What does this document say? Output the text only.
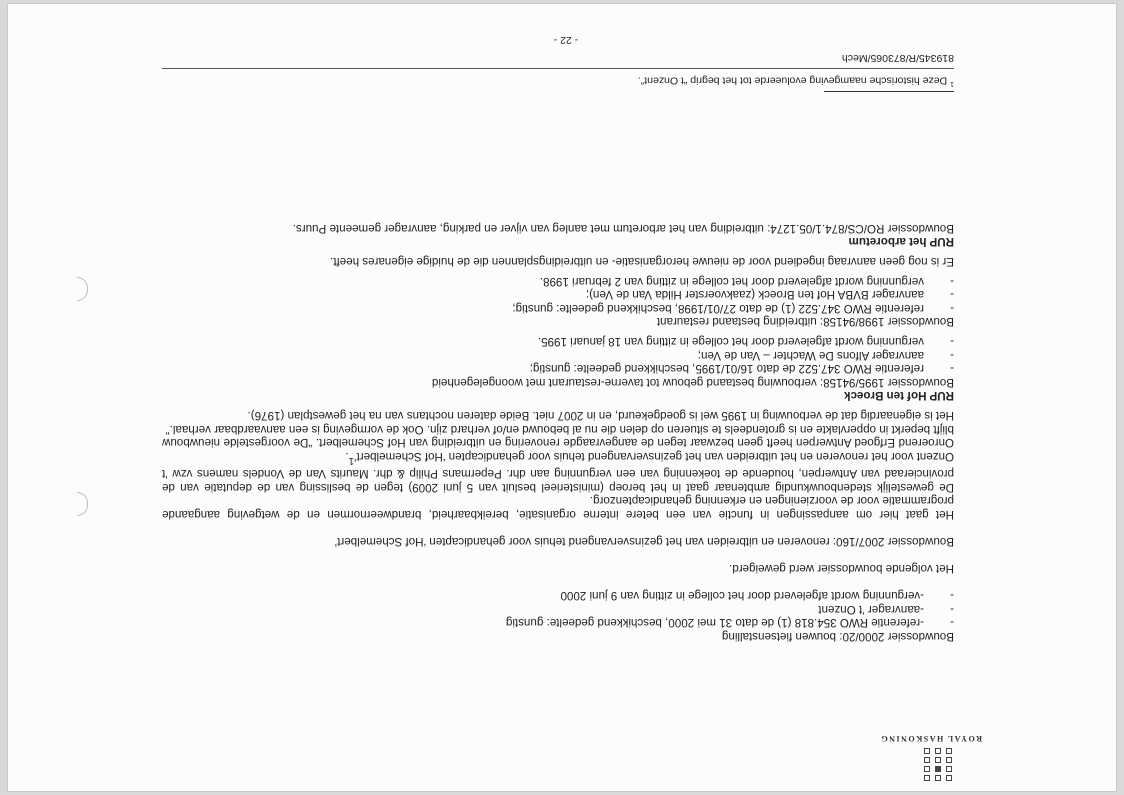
ROYAL HASKONING

Bouwdossier 2000/20: bouwen fietsenstalling

-
-referentie RWO 354.818 (1) de dato 31 mei 2000, beschikkend gedeelte: gunstig

-
-aanvrager ’t Onzent

-
-vergunning wordt afgeleverd door het college in zitting van 9 juni 2000

Het volgende bouwdossier werd geweigerd.

Bouwdossier 2007/160: renoveren en uitbreiden van het gezinsvervangend tehuis voor gehandicapten ‘Hof Schemelbert’

Het gaat hier om aanpassingen in functie van een betere interne organisatie, bereikbaarheid, brandweernormen en de wetgeving aangaande programmatie voor de voorzieningen en erkenning gehandicaptenzorg.

De gewestelijk stedenbouwkundig ambtenaar gaat in het beroep (ministerieel besluit van 5 juni 2009) tegen de beslissing van de deputatie van de provincieraad van Antwerpen, houdende de toekenning van een vergunning aan dhr. Pepermans Philip & dhr. Maurits Van de Vondels namens vzw ’t Onzent voor het renoveren en het uitbreiden van het gezinsvervangend tehuis voor gehandicapten ‘Hof Schemelbert’$^1$.

Onroerend Erfgoed Antwerpen heeft geen bezwaar tegen de aangevraagde renovering en uitbreiding van Hof Schemelbert. “De voorgestelde nieuwbouw blijft beperkt in oppervlakte en is grotendeels te situeren op delen die nu al bebouwd en/of verhard zijn. Ook de vormgeving is een aanvaardbaar verhaal.”

Het is eigenaardig dat de verbouwing in 1995 wel is goedgekeurd, en in 2007 niet. Beide dateren nochtans van na het gewestplan (1976).

RUP Hof ten Broeck

Bouwdossier 1995/94158: verbouwing bestaand gebouw tot taverne-restaurant met woongelegenheid

-
referentie RWO 347.522 de dato 16/01/1995, beschikkend gedeelte: gunstig;

-
aanvrager Alfons De Wachter – Van de Ven;

-
vergunning wordt afgeleverd door het college in zitting van 18 januari 1995.

Bouwdossier 1998/94158: uitbreiding bestaand restaurant

-
referentie RWO 347.522 (1) de dato 27/01/1998, beschikkend gedeelte: gunstig;

-
aanvrager BVBA Hof ten Broeck (zaakvoerster Hilda Van de Ven);

-
vergunning wordt afgeleverd door het college in zitting van 2 februari 1998.

Er is nog geen aanvraag ingediend voor de nieuwe herorganisatie- en uitbreidingsplannen die de huidige eigenares heeft.

RUP het arboretum

Bouwdossier RO/CS/874.1/05.1274: uitbreiding van het arboretum met aanleg van vijver en parking, aanvrager gemeente Puurs.

$^1$ Deze historische naamgeving evolueerde tot het begrip “t Onzent”.
819345/R/873065/Mech
- 22 -
